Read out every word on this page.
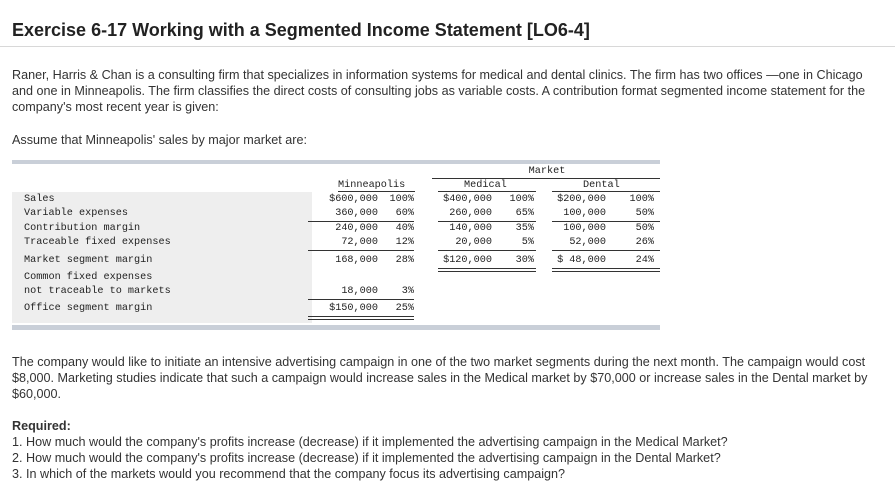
Exercise 6-17 Working with a Segmented Income Statement [LO6-4]

Raner, Harris & Chan is a consulting firm that specializes in information systems for medical and dental clinics. The firm has two offices —one in Chicago and one in Minneapolis. The firm classifies the direct costs of consulting jobs as variable costs. A contribution format segmented income statement for the company's most recent year is given:

Assume that Minneapolis' sales by major market are:

Market
Minneapolis	Medical	Dental
Sales	$600,000	100%	$400,000	100%	$200,000	100%
Variable expenses	360,000	60%	260,000	65%	100,000	50%
Contribution margin	240,000	40%	140,000	35%	100,000	50%
Traceable fixed expenses	72,000	12%	20,000	5%	52,000	26%
Market segment margin	168,000	28%	$120,000	30%	$ 48,000	24%
Common fixed expenses
not traceable to markets	18,000	3%
Office segment margin	$150,000	25%

The company would like to initiate an intensive advertising campaign in one of the two market segments during the next month. The campaign would cost $8,000. Marketing studies indicate that such a campaign would increase sales in the Medical market by $70,000 or increase sales in the Dental market by $60,000.

Required:
1. How much would the company's profits increase (decrease) if it implemented the advertising campaign in the Medical Market?
2. How much would the company's profits increase (decrease) if it implemented the advertising campaign in the Dental Market?
3. In which of the markets would you recommend that the company focus its advertising campaign?
